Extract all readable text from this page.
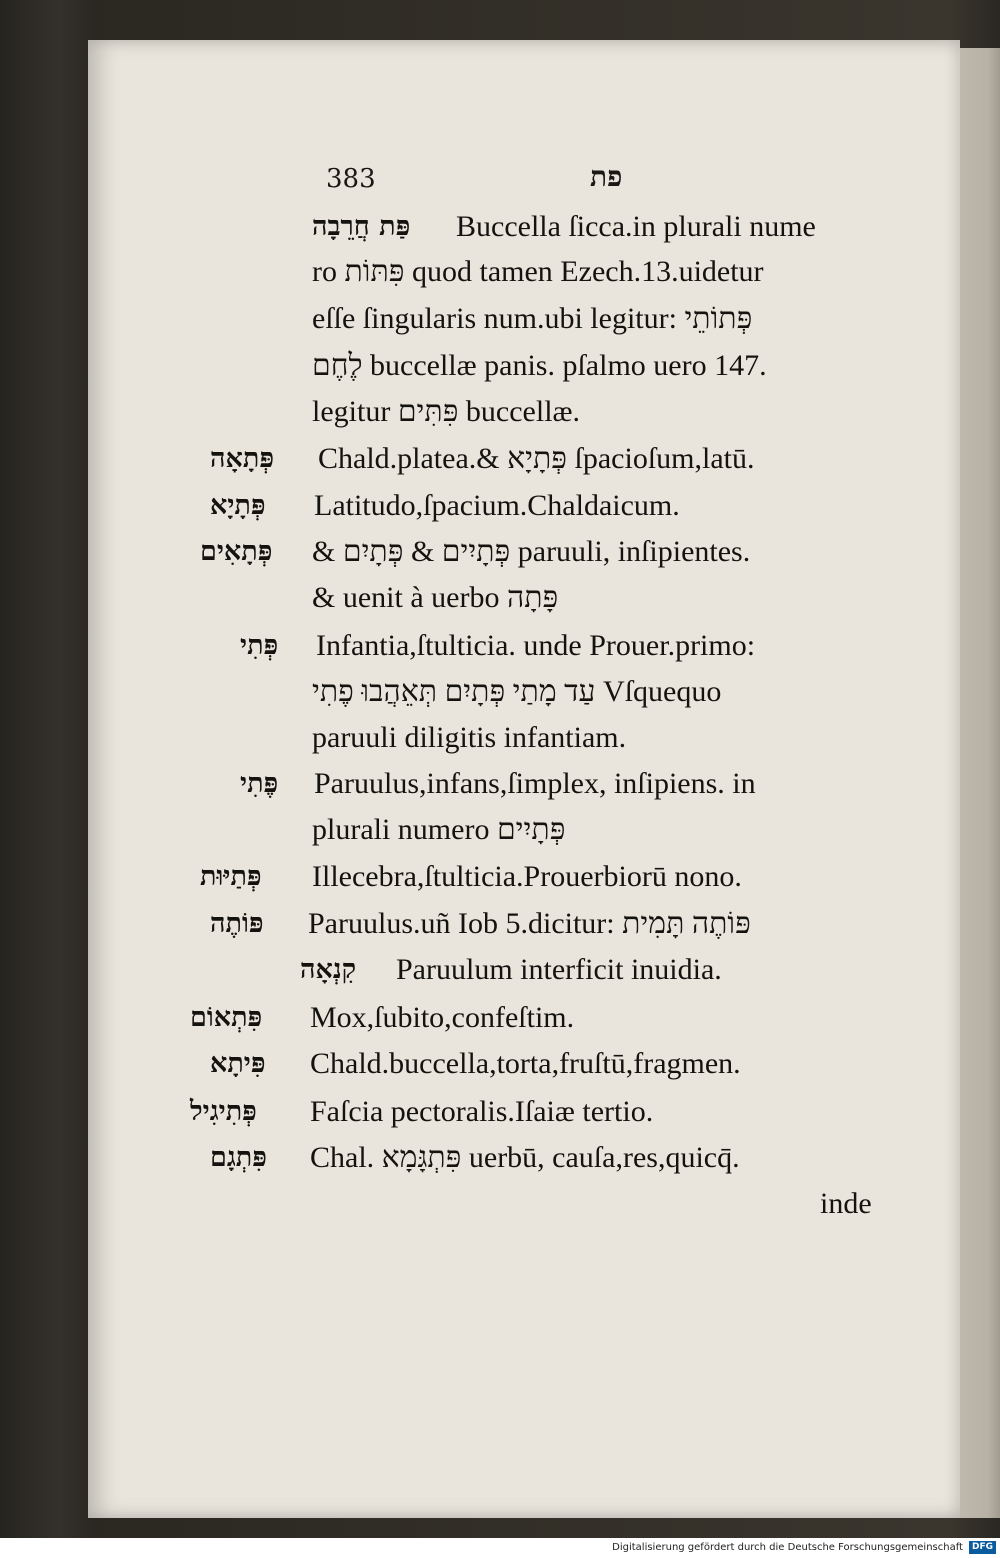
383	פת
פַּת חֲרֵבָה Buccella ſicca.in plurali nume
ro פִּתּוֹת quod tamen Ezech.13.uidetur
eſſe ſingularis num.ubi legitur: פְּתוֹתֵי
לֶחֶם buccellæ panis. pſalmo uero 147.
legitur פִּתִּים buccellæ.
פְּתָאָה Chald.platea.& פְּתָיָא ſpacioſum,latū.
פְּתָיָא Latitudo,ſpacium.Chaldaicum.
פְּתָאִים & פְּתָיִים & פְּתָיִם paruuli, inſipientes.
& uenit à uerbo פָּתָה
פְּתִי Infantia,ſtulticia. unde Prouer.primo:
עַד מָתַי פְּתָיִם תְּאֵהֲבוּ פֶתִי Vſquequo
paruuli diligitis infantiam.
פֶּתִי Paruulus,infans,ſimplex, inſipiens. in
plurali numero פְּתָיִים
פְּתַיּוּת Illecebra,ſtulticia.Prouerbiorū nono.
פּוֹתֶה Paruulus.uñ Iob 5.dicitur: פּוֹתֶה תָּמִית
קִנְאָה Paruulum interficit inuidia.
פִּתְאוֹם Mox,ſubito,confeſtim.
פִּיתָא Chald.buccella,torta,fruſtū,fragmen.
פְּתִיגִיל Faſcia pectoralis.Iſaiæ tertio.
פִּתְגָם Chal. פִּתְגָּמָא uerbū, cauſa,res,quicq̄.
inde
Digitalisierung gefördert durch die Deutsche Forschungsgemeinschaft DFG
